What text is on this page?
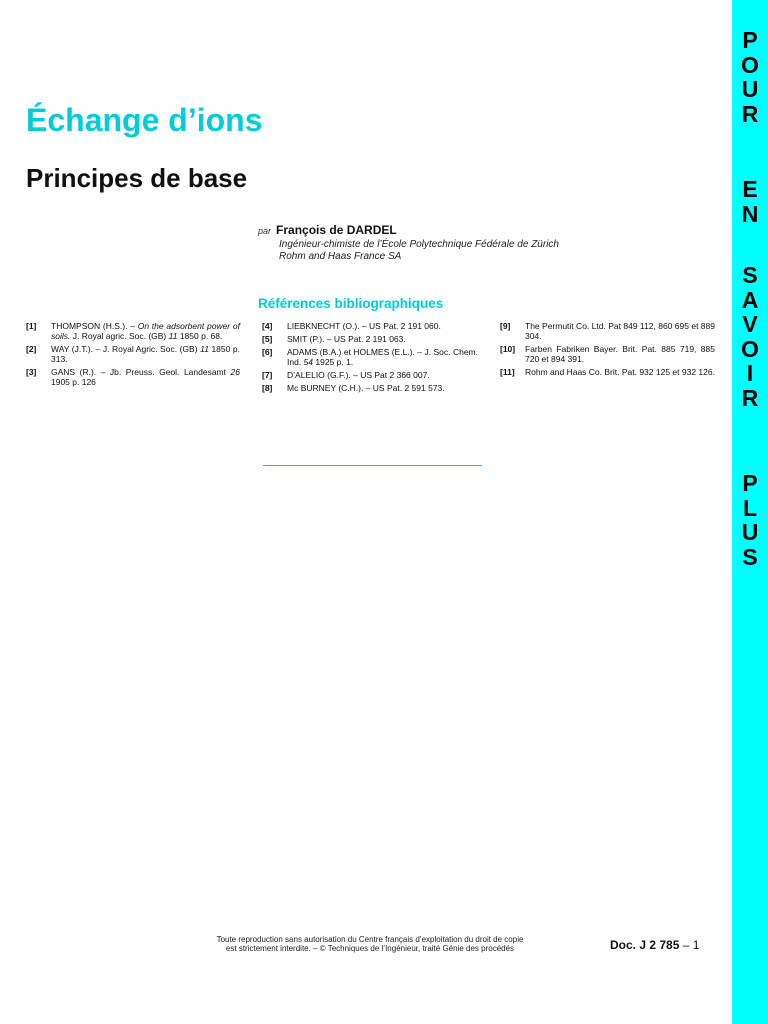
P
O
U
R
E
N
S
A
V
O
I
R
P
L
U
S
Échange d’ions
Principes de base
par François de DARDEL
Ingénieur-chimiste de l’École Polytechnique Fédérale de Zürich
Rohm and Haas France SA
Références bibliographiques
[1]	THOMPSON (H.S.). – On the adsorbent power of soils. J. Royal agric. Soc. (GB) 11 1850 p. 68.
[2]	WAY (J.T.). – J. Royal Agric. Soc. (GB) 11 1850 p. 313.
[3]	GANS (R.). – Jb. Preuss. Geol. Landesamt 26 1905 p. 126
[4]	LIEBKNECHT (O.). – US Pat. 2 191 060.
[5]	SMIT (P.). – US Pat. 2 191 063.
[6]	ADAMS (B.A.) et HOLMES (E.L.). – J. Soc. Chem. Ind. 54 1925 p. 1.
[7]	D’ALELIO (G.F.). – US Pat 2 366 007.
[8]	Mc BURNEY (C.H.). – US Pat. 2 591 573.
[9]	The Permutit Co. Ltd. Pat 849 112, 860 695 et 889 304.
[10]	Farben Fabriken Bayer. Brit. Pat. 885 719, 885 720 et 894 391.
[11]	Rohm and Haas Co. Brit. Pat. 932 125 et 932 126.
Toute reproduction sans autorisation du Centre français d’exploitation du droit de copie
est strictement interdite. – © Techniques de l’Ingénieur, traité Génie des procédés	Doc. J 2 785 – 1
